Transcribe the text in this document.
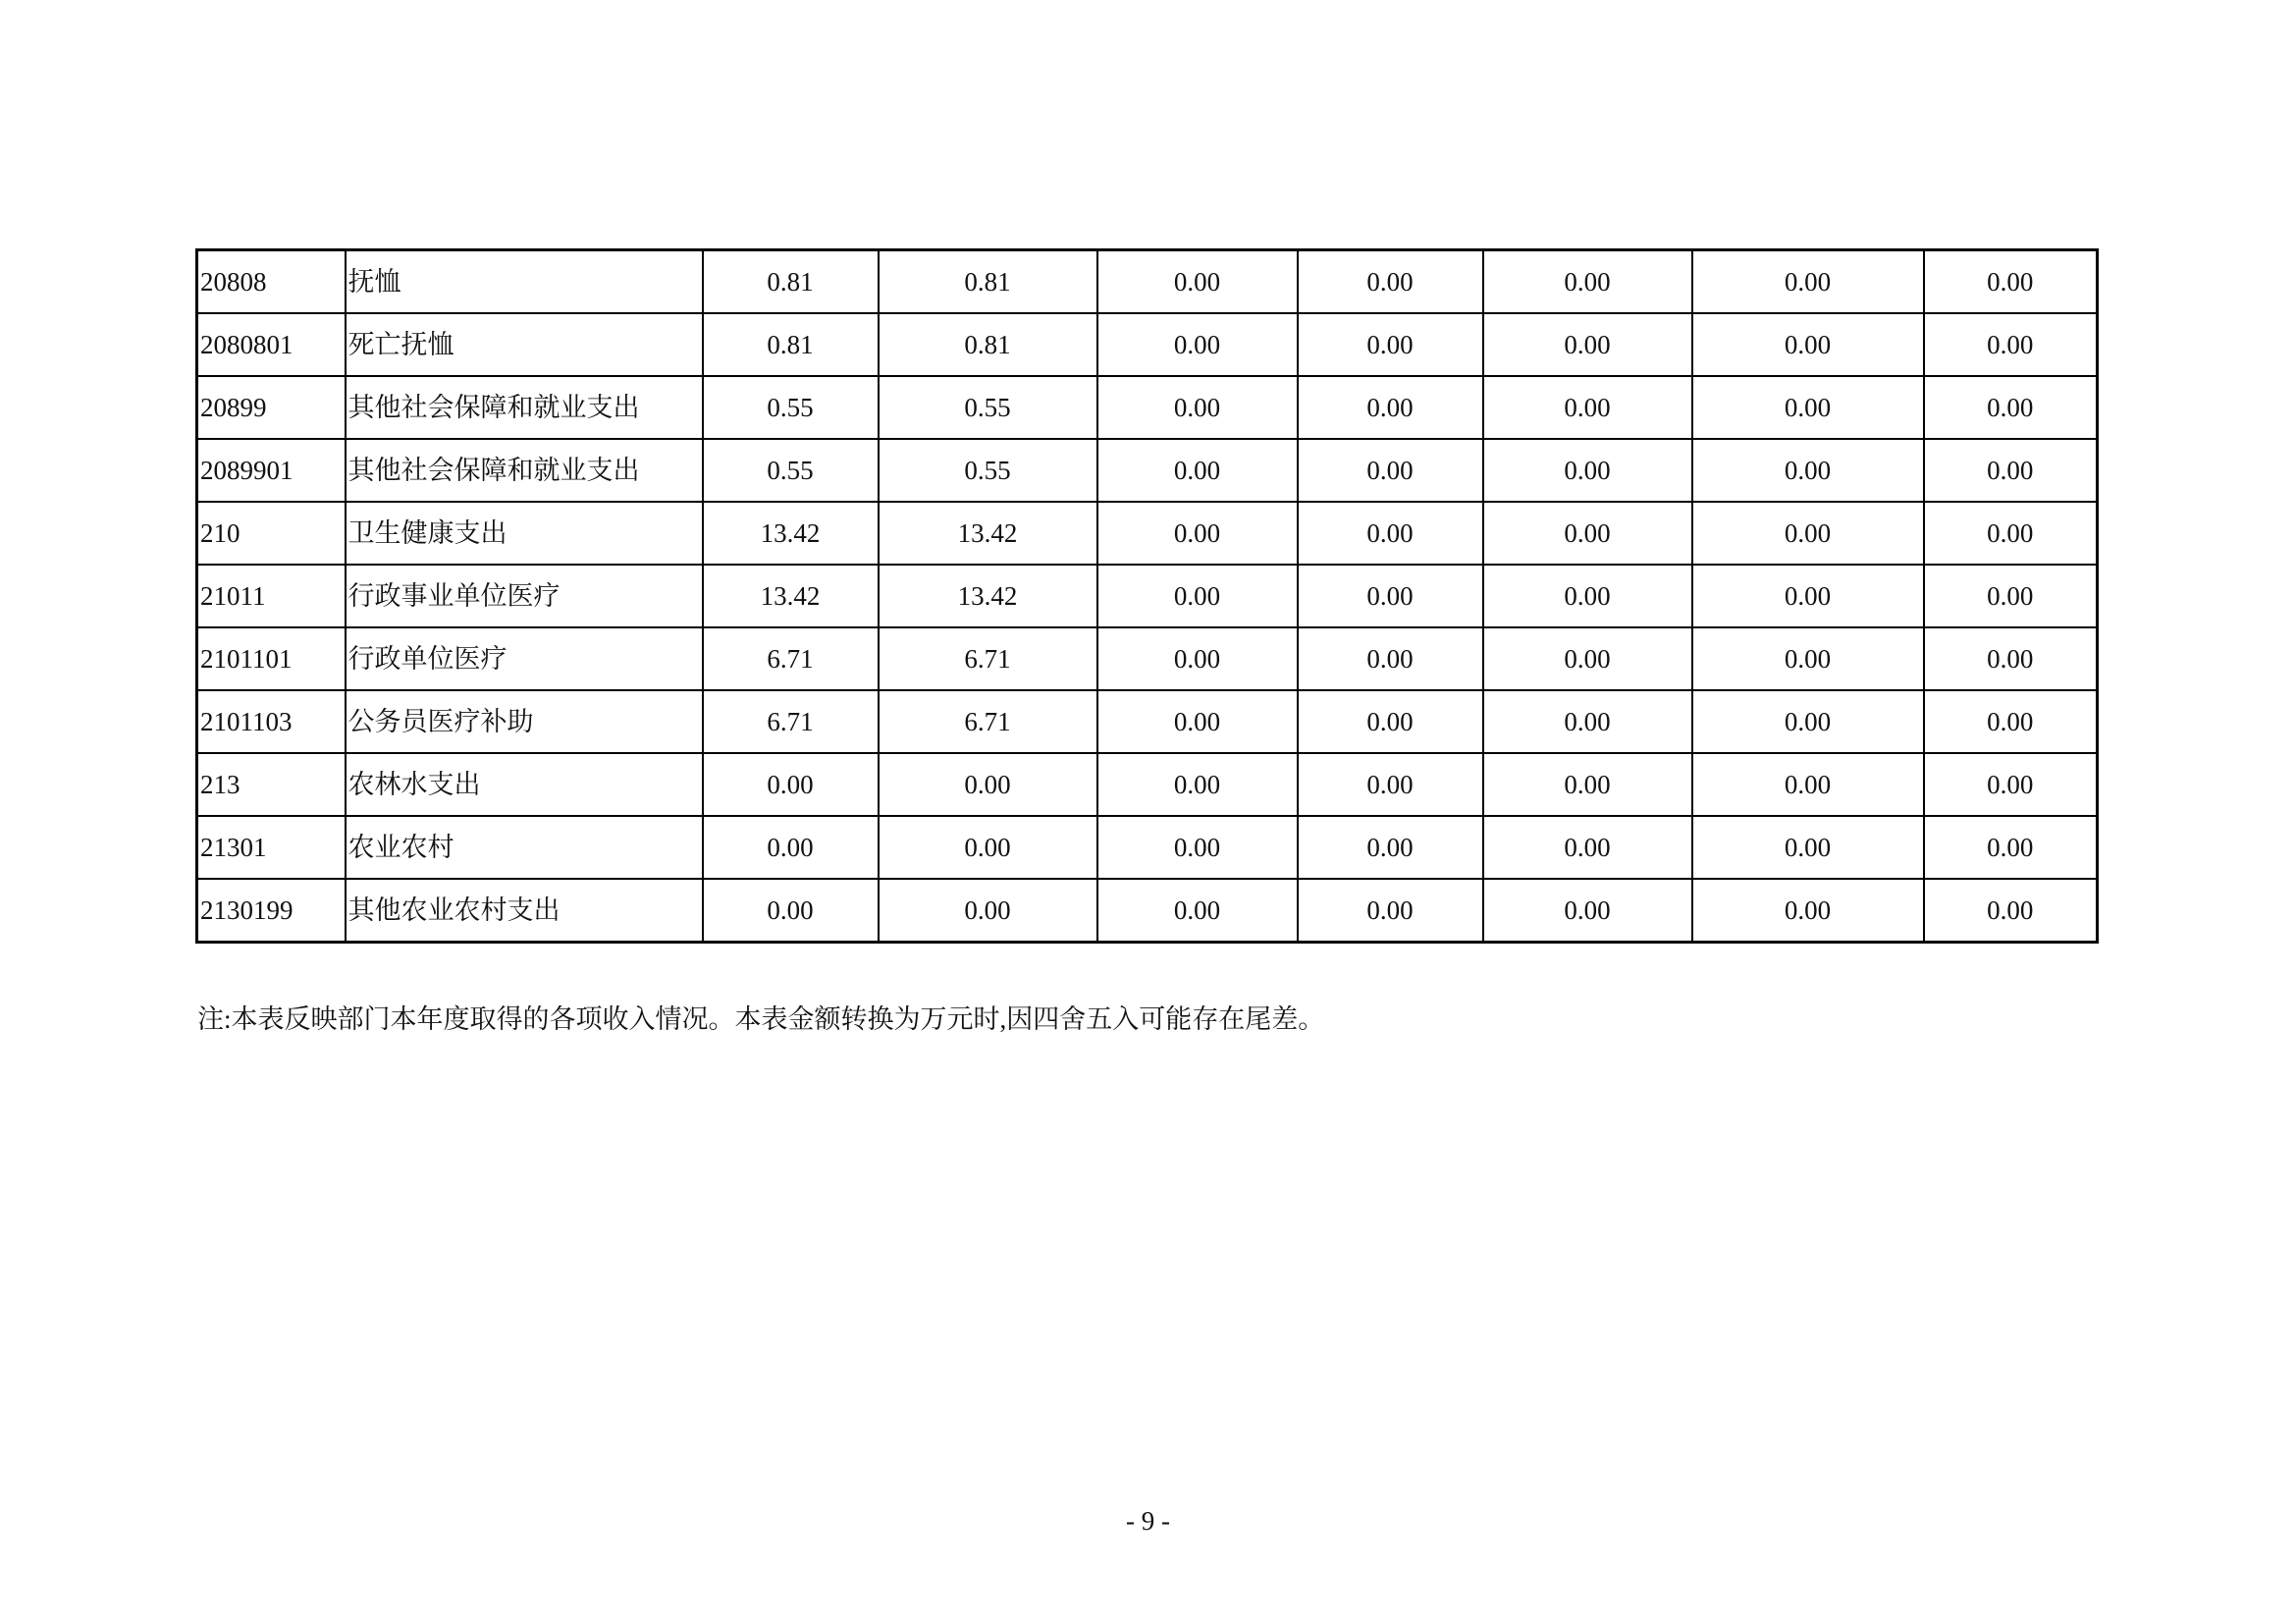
20808	抚恤	0.81	0.81	0.00	0.00	0.00	0.00	0.00
2080801	死亡抚恤	0.81	0.81	0.00	0.00	0.00	0.00	0.00
20899	其他社会保障和就业支出	0.55	0.55	0.00	0.00	0.00	0.00	0.00
2089901	其他社会保障和就业支出	0.55	0.55	0.00	0.00	0.00	0.00	0.00
210	卫生健康支出	13.42	13.42	0.00	0.00	0.00	0.00	0.00
21011	行政事业单位医疗	13.42	13.42	0.00	0.00	0.00	0.00	0.00
2101101	行政单位医疗	6.71	6.71	0.00	0.00	0.00	0.00	0.00
2101103	公务员医疗补助	6.71	6.71	0.00	0.00	0.00	0.00	0.00
213	农林水支出	0.00	0.00	0.00	0.00	0.00	0.00	0.00
21301	农业农村	0.00	0.00	0.00	0.00	0.00	0.00	0.00
2130199	其他农业农村支出	0.00	0.00	0.00	0.00	0.00	0.00	0.00
注:本表反映部门本年度取得的各项收入情况。本表金额转换为万元时,因四舍五入可能存在尾差。
- 9 -
